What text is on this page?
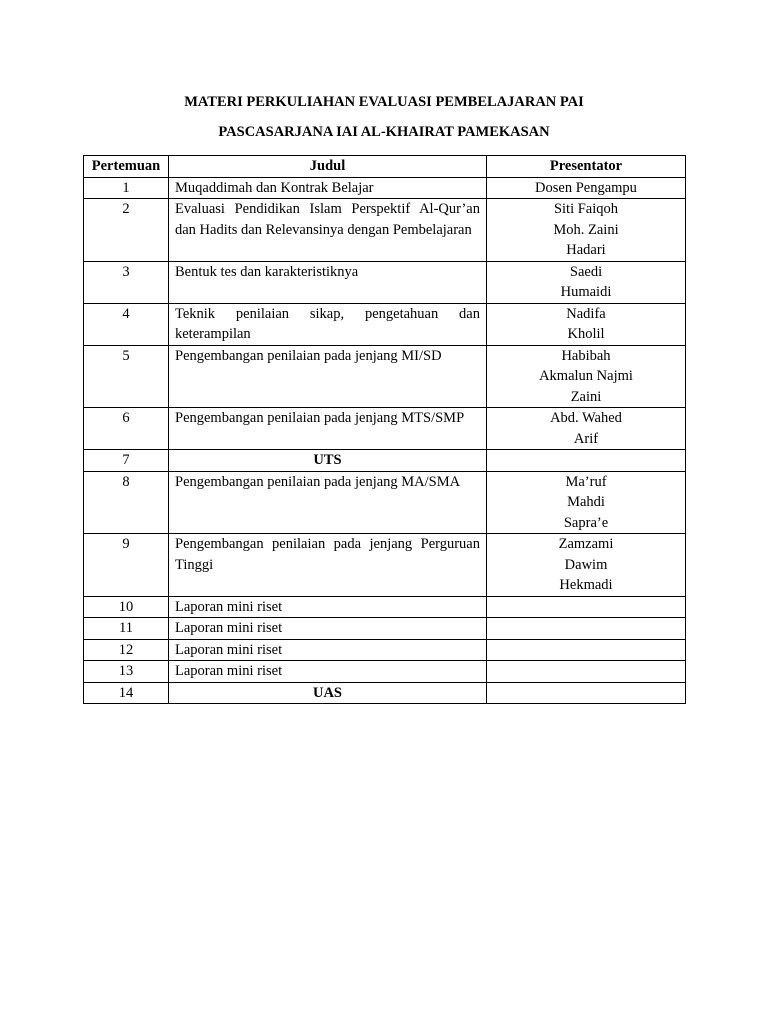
MATERI PERKULIAHAN EVALUASI PEMBELAJARAN PAI

PASCASARJANA IAI AL-KHAIRAT PAMEKASAN

Pertemuan	Judul	Presentator
1	Muqaddimah dan Kontrak Belajar	Dosen Pengampu

2	Evaluasi Pendidikan Islam Perspektif Al-Qur’an dan Hadits dan Relevansinya dengan Pembelajaran	Siti Faiqoh
Moh. Zaini
Hadari

3	Bentuk tes dan karakteristiknya	Saedi
Humaidi

4	Teknik penilaian sikap, pengetahuan dan keterampilan	Nadifa
Kholil

5	Pengembangan penilaian pada jenjang MI/SD	Habibah
Akmalun Najmi
Zaini

6	Pengembangan penilaian pada jenjang MTS/SMP	Abd. Wahed
Arif

7	UTS	
8	Pengembangan penilaian pada jenjang MA/SMA	Ma’ruf
Mahdi
Sapra’e

9	Pengembangan penilaian pada jenjang Perguruan Tinggi	Zamzami
Dawim
Hekmadi

10	Laporan mini riset	
11	Laporan mini riset	
12	Laporan mini riset	
13	Laporan mini riset	
14	UAS	
